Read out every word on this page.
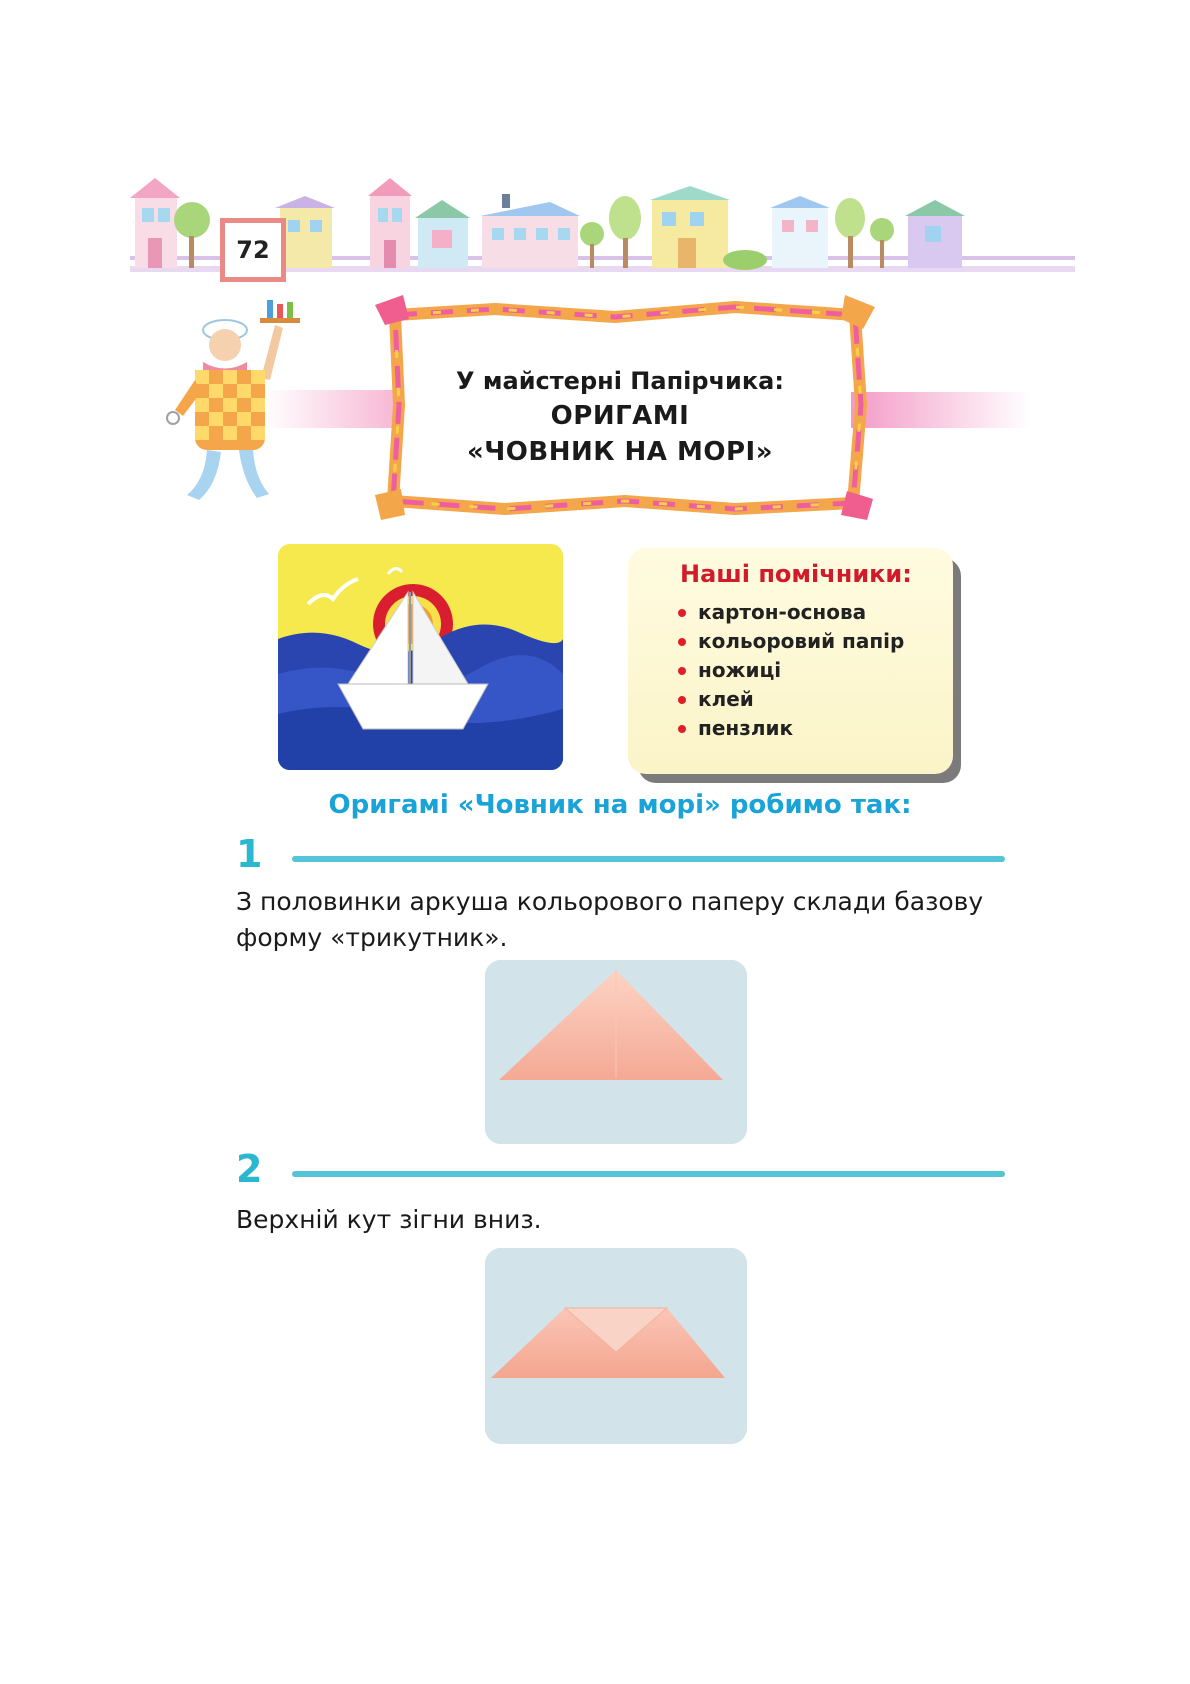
72
У майстерні Папірчика:
ОРИГАМІ
«ЧОВНИК НА МОРІ»
Наші помічники:
картон-основа
кольоровий папір
ножиці
клей
пензлик
Оригамі «Човник на морі» робимо так:
1
З половинки аркуша кольорового паперу склади базову форму «трикутник».
2
Верхній кут зігни вниз.
